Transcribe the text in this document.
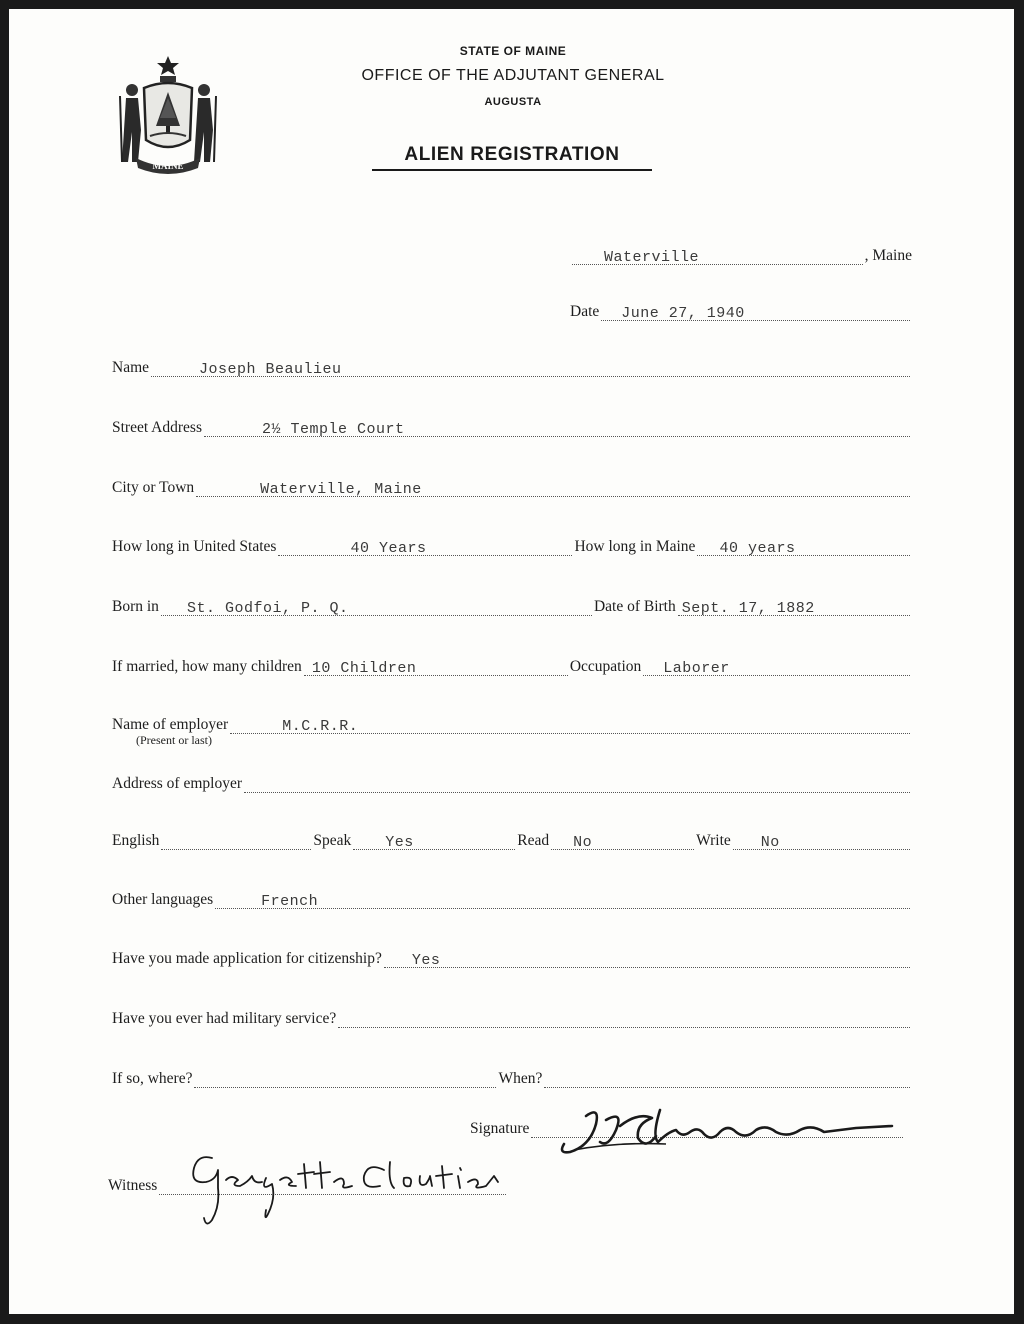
MAINE
STATE OF MAINE
OFFICE OF THE ADJUTANT GENERAL
AUGUSTA
ALIEN REGISTRATION
Waterville	, Maine
Date June 27, 1940
Name	Joseph Beaulieu
Street Address	2½ Temple Court
City or Town	Waterville, Maine
How long in United States	40 Years	How long in Maine 40 years
Born in St. Godfoi, P. Q.	Date of Birth Sept. 17, 1882
If married, how many children 10 Children	Occupation Laborer
Name of employer	M.C.R.R.
(Present or last)
Address of employer
English	Speak Yes	Read No	Write No
Other languages	French
Have you made application for citizenship? Yes
Have you ever had military service?
If so, where?	When?
Signature
Witness
